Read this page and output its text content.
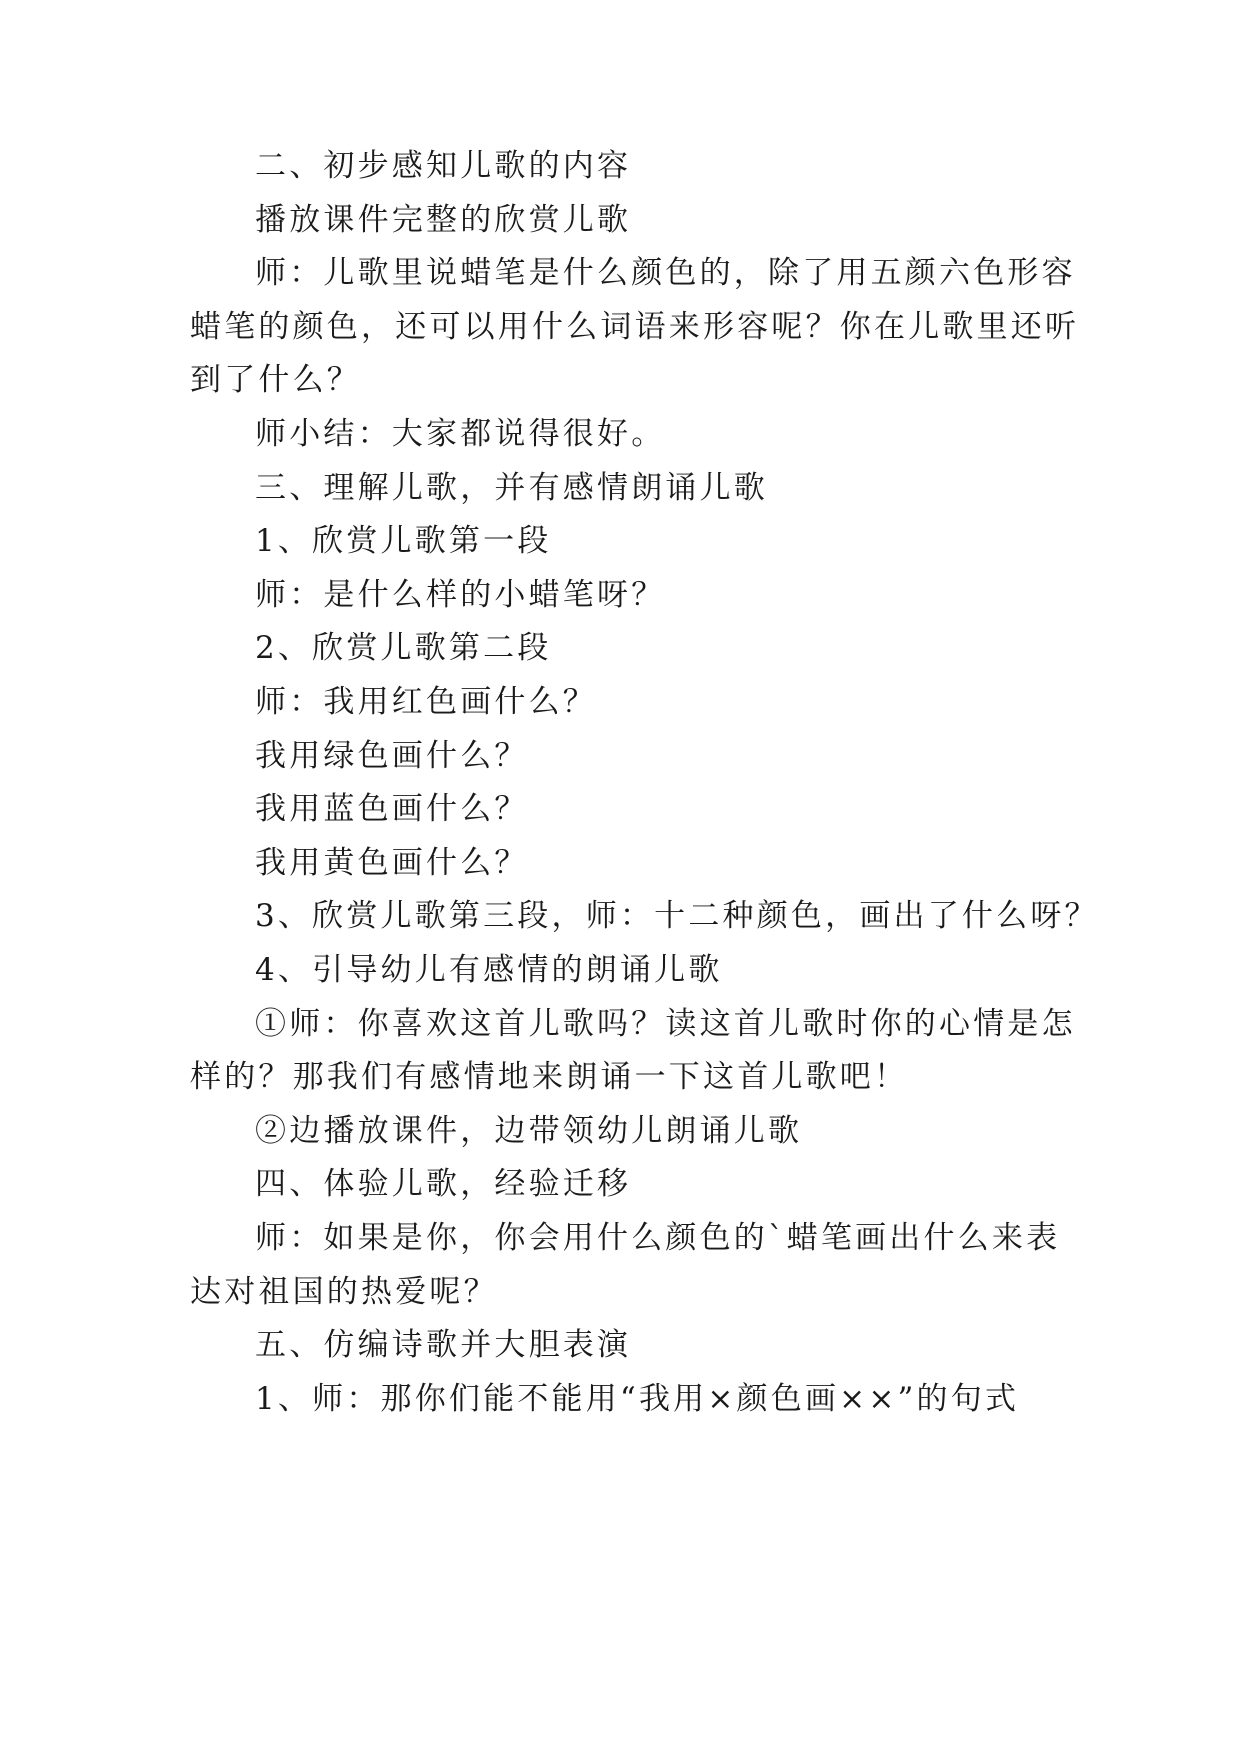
二、初步感知儿歌的内容
播放课件完整的欣赏儿歌
师：儿歌里说蜡笔是什么颜色的，除了用五颜六色形容
蜡笔的颜色，还可以用什么词语来形容呢？你在儿歌里还听
到了什么？
师小结：大家都说得很好。
三、理解儿歌，并有感情朗诵儿歌
1、欣赏儿歌第一段
师：是什么样的小蜡笔呀？
2、欣赏儿歌第二段
师：我用红色画什么？
我用绿色画什么？
我用蓝色画什么？
我用黄色画什么？
3、欣赏儿歌第三段，师：十二种颜色，画出了什么呀？
4、引导幼儿有感情的朗诵儿歌
①师：你喜欢这首儿歌吗？读这首儿歌时你的心情是怎
样的？那我们有感情地来朗诵一下这首儿歌吧！
②边播放课件，边带领幼儿朗诵儿歌
四、体验儿歌，经验迁移
师：如果是你，你会用什么颜色的`蜡笔画出什么来表
达对祖国的热爱呢？
五、仿编诗歌并大胆表演
1、师：那你们能不能用“我用×颜色画××”的句式
